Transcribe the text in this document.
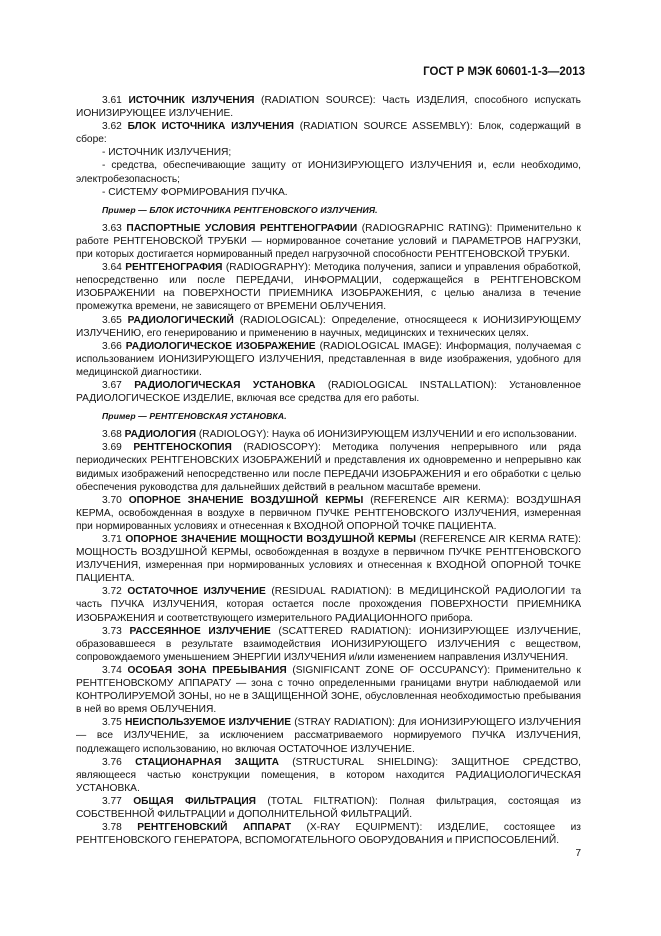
ГОСТ Р МЭК 60601-1-3—2013

3.61 ИСТОЧНИК ИЗЛУЧЕНИЯ (RADIATION SOURCE): Часть ИЗДЕЛИЯ, способного испускать ИОНИЗИРУЮЩЕЕ ИЗЛУЧЕНИЕ.

3.62 БЛОК ИСТОЧНИКА ИЗЛУЧЕНИЯ (RADIATION SOURCE ASSEMBLY): Блок, содержащий в сборе:

- ИСТОЧНИК ИЗЛУЧЕНИЯ;

- средства, обеспечивающие защиту от ИОНИЗИРУЮЩЕГО ИЗЛУЧЕНИЯ и, если необходимо, электробезопасность;

- СИСТЕМУ ФОРМИРОВАНИЯ ПУЧКА.

Пример — БЛОК ИСТОЧНИКА РЕНТГЕНОВСКОГО ИЗЛУЧЕНИЯ.

3.63 ПАСПОРТНЫЕ УСЛОВИЯ РЕНТГЕНОГРАФИИ (RADIOGRAPHIC RATING): Применительно к работе РЕНТГЕНОВСКОЙ ТРУБКИ — нормированное сочетание условий и ПАРАМЕТРОВ НАГРУЗКИ, при которых достигается нормированный предел нагрузочной способности РЕНТГЕНОВСКОЙ ТРУБКИ.

3.64 РЕНТГЕНОГРАФИЯ (RADIOGRAPHY): Методика получения, записи и управления обработкой, непосредственно или после ПЕРЕДАЧИ, ИНФОРМАЦИИ, содержащейся в РЕНТГЕНОВСКОМ ИЗОБРАЖЕНИИ на ПОВЕРХНОСТИ ПРИЕМНИКА ИЗОБРАЖЕНИЯ, с целью анализа в течение промежутка времени, не зависящего от ВРЕМЕНИ ОБЛУЧЕНИЯ.

3.65 РАДИОЛОГИЧЕСКИЙ (RADIOLOGICAL): Определение, относящееся к ИОНИЗИРУЮЩЕМУ ИЗЛУЧЕНИЮ, его генерированию и применению в научных, медицинских и технических целях.

3.66 РАДИОЛОГИЧЕСКОЕ ИЗОБРАЖЕНИЕ (RADIOLOGICAL IMAGE): Информация, получаемая с использованием ИОНИЗИРУЮЩЕГО ИЗЛУЧЕНИЯ, представленная в виде изображения, удобного для медицинской диагностики.

3.67 РАДИОЛОГИЧЕСКАЯ УСТАНОВКА (RADIOLOGICAL INSTALLATION): Установленное РАДИОЛОГИЧЕСКОЕ ИЗДЕЛИЕ, включая все средства для его работы.

Пример — РЕНТГЕНОВСКАЯ УСТАНОВКА.

3.68 РАДИОЛОГИЯ (RADIOLOGY): Наука об ИОНИЗИРУЮЩЕМ ИЗЛУЧЕНИИ и его использовании.

3.69 РЕНТГЕНОСКОПИЯ (RADIOSCOPY): Методика получения непрерывного или ряда периодических РЕНТГЕНОВСКИХ ИЗОБРАЖЕНИЙ и представления их одновременно и непрерывно как видимых изображений непосредственно или после ПЕРЕДАЧИ ИЗОБРАЖЕНИЯ и его обработки с целью обеспечения руководства для дальнейших действий в реальном масштабе времени.

3.70 ОПОРНОЕ ЗНАЧЕНИЕ ВОЗДУШНОЙ КЕРМЫ (REFERENCE AIR KERMA): ВОЗДУШНАЯ КЕРМА, освобожденная в воздухе в первичном ПУЧКЕ РЕНТГЕНОВСКОГО ИЗЛУЧЕНИЯ, измеренная при нормированных условиях и отнесенная к ВХОДНОЙ ОПОРНОЙ ТОЧКЕ ПАЦИЕНТА.

3.71 ОПОРНОЕ ЗНАЧЕНИЕ МОЩНОСТИ ВОЗДУШНОЙ КЕРМЫ (REFERENCE AIR KERMA RATE): МОЩНОСТЬ ВОЗДУШНОЙ КЕРМЫ, освобожденная в воздухе в первичном ПУЧКЕ РЕНТГЕНОВСКОГО ИЗЛУЧЕНИЯ, измеренная при нормированных условиях и отнесенная к ВХОДНОЙ ОПОРНОЙ ТОЧКЕ ПАЦИЕНТА.

3.72 ОСТАТОЧНОЕ ИЗЛУЧЕНИЕ (RESIDUAL RADIATION): В МЕДИЦИНСКОЙ РАДИОЛОГИИ та часть ПУЧКА ИЗЛУЧЕНИЯ, которая остается после прохождения ПОВЕРХНОСТИ ПРИЕМНИКА ИЗОБРАЖЕНИЯ и соответствующего измерительного РАДИАЦИОННОГО прибора.

3.73 РАССЕЯННОЕ ИЗЛУЧЕНИЕ (SCATTERED RADIATION): ИОНИЗИРУЮЩЕЕ ИЗЛУЧЕНИЕ, образовавшееся в результате взаимодействия ИОНИЗИРУЮЩЕГО ИЗЛУЧЕНИЯ с веществом, сопровождаемого уменьшением ЭНЕРГИИ ИЗЛУЧЕНИЯ и/или изменением направления ИЗЛУЧЕНИЯ.

3.74 ОСОБАЯ ЗОНА ПРЕБЫВАНИЯ (SIGNIFICANT ZONE OF OCCUPANCY): Применительно к РЕНТГЕНОВСКОМУ АППАРАТУ — зона с точно определенными границами внутри наблюдаемой или КОНТРОЛИРУЕМОЙ ЗОНЫ, но не в ЗАЩИЩЕННОЙ ЗОНЕ, обусловленная необходимостью пребывания в ней во время ОБЛУЧЕНИЯ.

3.75 НЕИСПОЛЬЗУЕМОЕ ИЗЛУЧЕНИЕ (STRAY RADIATION): Для ИОНИЗИРУЮЩЕГО ИЗЛУЧЕНИЯ — все ИЗЛУЧЕНИЕ, за исключением рассматриваемого нормируемого ПУЧКА ИЗЛУЧЕНИЯ, подлежащего использованию, но включая ОСТАТОЧНОЕ ИЗЛУЧЕНИЕ.

3.76 СТАЦИОНАРНАЯ ЗАЩИТА (STRUCTURAL SHIELDING): ЗАЩИТНОЕ СРЕДСТВО, являющееся частью конструкции помещения, в котором находится РАДИАЦИОЛОГИЧЕСКАЯ УСТАНОВКА.

3.77 ОБЩАЯ ФИЛЬТРАЦИЯ (TOTAL FILTRATION): Полная фильтрация, состоящая из СОБСТВЕННОЙ ФИЛЬТРАЦИИ и ДОПОЛНИТЕЛЬНОЙ ФИЛЬТРАЦИЙ.

3.78 РЕНТГЕНОВСКИЙ АППАРАТ (X-RAY EQUIPMENT): ИЗДЕЛИЕ, состоящее из РЕНТГЕНОВСКОГО ГЕНЕРАТОРА, ВСПОМОГАТЕЛЬНОГО ОБОРУДОВАНИЯ и ПРИСПОСОБЛЕНИЙ.

7
